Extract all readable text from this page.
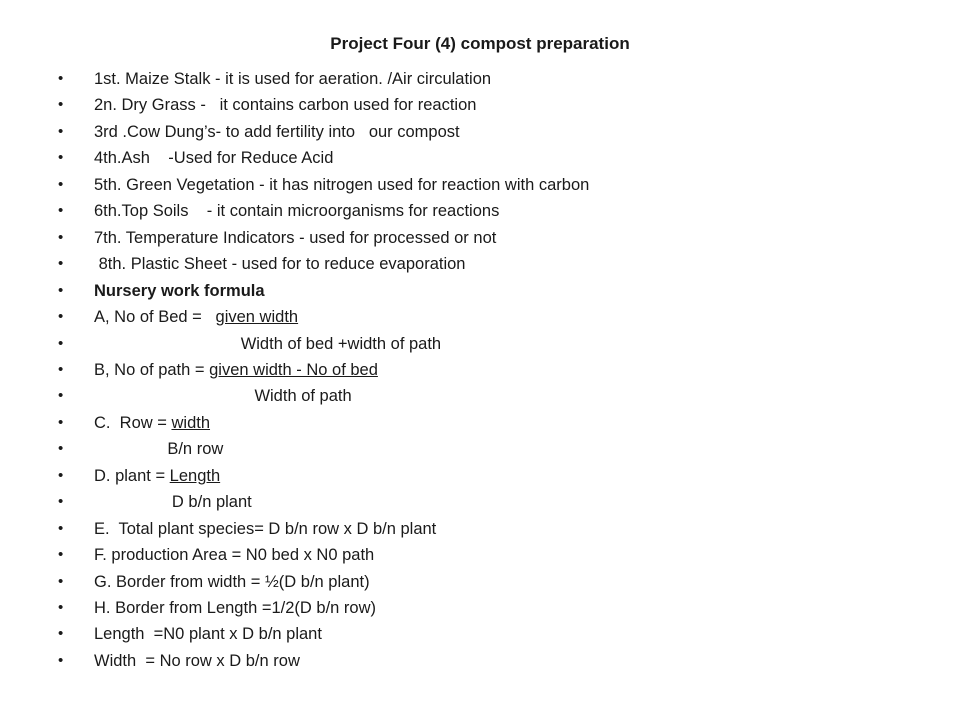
Project Four (4) compost preparation
• 1st. Maize Stalk - it is used for aeration. /Air circulation
• 2n. Dry Grass -   it contains carbon used for reaction
• 3rd .Cow Dung’s- to add fertility into   our compost
• 4th.Ash    -Used for Reduce Acid
• 5th. Green Vegetation - it has nitrogen used for reaction with carbon
• 6th.Top Soils    - it contain microorganisms for reactions
• 7th. Temperature Indicators - used for processed or not
• 8th. Plastic Sheet - used for to reduce evaporation
• Nursery work formula
• A, No of Bed =   given width
• Width of bed +width of path
• B, No of path = given width - No of bed
• Width of path
• C.  Row = width
• B/n row
• D. plant = Length
• D b/n plant
• E.  Total plant species= D b/n row x D b/n plant
• F. production Area = N0 bed x N0 path
• G. Border from width = ½(D b/n plant)
• H. Border from Length =1/2(D b/n row)
• Length  =N0 plant x D b/n plant
• Width  = No row x D b/n row
